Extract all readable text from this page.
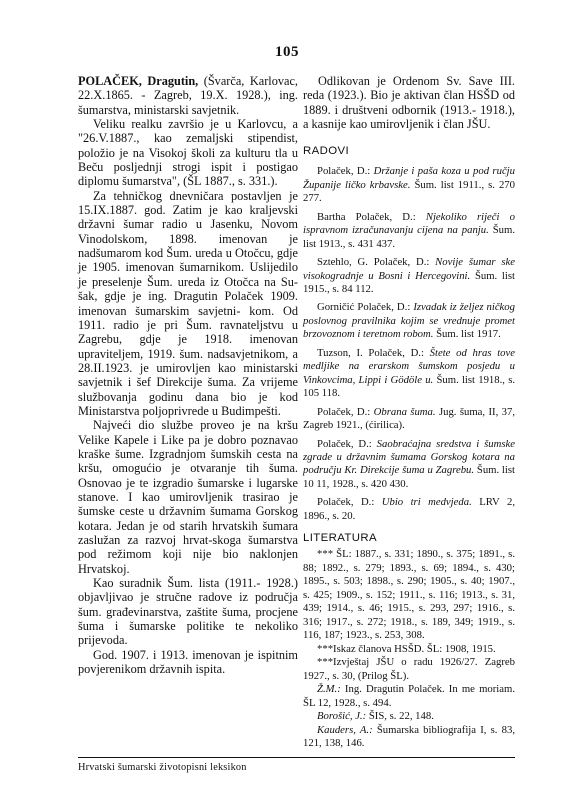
105

POLAČEK, Dragutin, (Švarča, Karlovac, 22.X.1865. - Zagreb, 19.X. 1928.), ing. šumarstva, ministarski savjetnik.

Veliku realku završio je u Karlovcu, a "26.V.1887., kao zemaljski stipendist, položio je na Visokoj školi za kulturu tla u Beču posljednji strogi ispit i postigao diplomu šumarstva", (ŠL 1887., s. 331.).

Za tehničkog dnevničara postavljen je 15.IX.1887. god. Zatim je kao kraljevski državni šumar radio u Jasenku, Novom Vinodolskom, 1898. imenovan je nadšumarom kod Šum. ureda u Otočcu, gdje je 1905. imenovan šumarnikom. Uslijedilo je preselenje Šum. ureda iz Otočca na Su- šak, gdje je ing. Dragutin Polaček 1909. imenovan šumarskim savjetni- kom. Od 1911. radio je pri Šum. ravnateljstvu u Zagrebu, gdje je 1918. imenovan upraviteljem, 1919. šum. nadsavjetnikom, a 28.II.1923. je umirovljen kao ministarski savjetnik i šef Direkcije šuma. Za vrijeme službovanja godinu dana bio je kod Ministarstva poljoprivrede u Budimpešti.

Najveći dio službe proveo je na kršu Velike Kapele i Like pa je dobro poznavao kraške šume. Izgradnjom šumskih cesta na kršu, omogućio je otvaranje tih šuma. Osnovao je te izgradio šumarske i lugarske stanove. I kao umirovljenik trasirao je šumske ceste u državnim šumama Gorskog kotara. Jedan je od starih hrvatskih šumara zaslužan za razvoj hrvat-skoga šumarstva pod režimom koji nije bio naklonjen Hrvatskoj.

Kao suradnik Šum. lista (1911.- 1928.) objavljivao je stručne radove iz područja šum. građevinarstva, zaštite šuma, procjene šuma i šumarske politike te nekoliko prijevoda.

God. 1907. i 1913. imenovan je ispitnim povjerenikom državnih ispita.

Odlikovan je Ordenom Sv. Save III. reda (1923.). Bio je aktivan član HSŠD od 1889. i društveni odbornik (1913.- 1918.), a kasnije kao umirovljenik i član JŠU.

RADOVI

Polaček, D.: Držanje i paša koza u pod ručju Županije ličko krbavske. Šum. list 1911., s. 270 277.

Bartha Polaček, D.: Njekoliko riječi o ispravnom izračunavanju cijena na panju. Šum. list 1913., s. 431 437.

Sztehlo, G. Polaček, D.: Novije šumar ske visokogradnje u Bosni i Hercegovini. Šum. list 1915., s. 84 112.

Gorničić Polaček, D.: Izvadak iz željez ničkog poslovnog pravilnika kojim se vrednuje promet brzovoznom i teretnom robom. Šum. list 1917.

Tuzson, I. Polaček, D.: Štete od hras tove medljike na erarskom šumskom posjedu u Vinkovcima, Lippi i Gödöle u. Šum. list 1918., s. 105 118.

Polaček, D.: Obrana šuma. Jug. šuma, II, 37, Zagreb 1921., (ćirilica).

Polaček, D.: Saobraćajna sredstva i šumske zgrade u državnim šumama Gorskog kotara na području Kr. Direkcije šuma u Zagrebu. Šum. list 10 11, 1928., s. 420 430.

Polaček, D.: Ubio tri medvjeda. LRV 2, 1896., s. 20.

LITERATURA

*** ŠL: 1887., s. 331; 1890., s. 375; 1891., s. 88; 1892., s. 279; 1893., s. 69; 1894., s. 430; 1895., s. 503; 1898., s. 290; 1905., s. 40; 1907., s. 425; 1909., s. 152; 1911., s. 116; 1913., s. 31, 439; 1914., s. 46; 1915., s. 293, 297; 1916., s. 316; 1917., s. 272; 1918., s. 189, 349; 1919., s. 116, 187; 1923., s. 253, 308.

***Iskaz članova HSŠD. ŠL: 1908, 1915.

***Izvještaj JŠU o radu 1926/27. Zagreb 1927., s. 30, (Prilog ŠL).

Ž.M.: Ing. Dragutin Polaček. In me moriam. ŠL 12, 1928., s. 494.

Borošić, J.: ŠIS, s. 22, 148.

Kauders, A.: Šumarska bibliografija I, s. 83, 121, 138, 146.

Hrvatski šumarski životopisni leksikon
